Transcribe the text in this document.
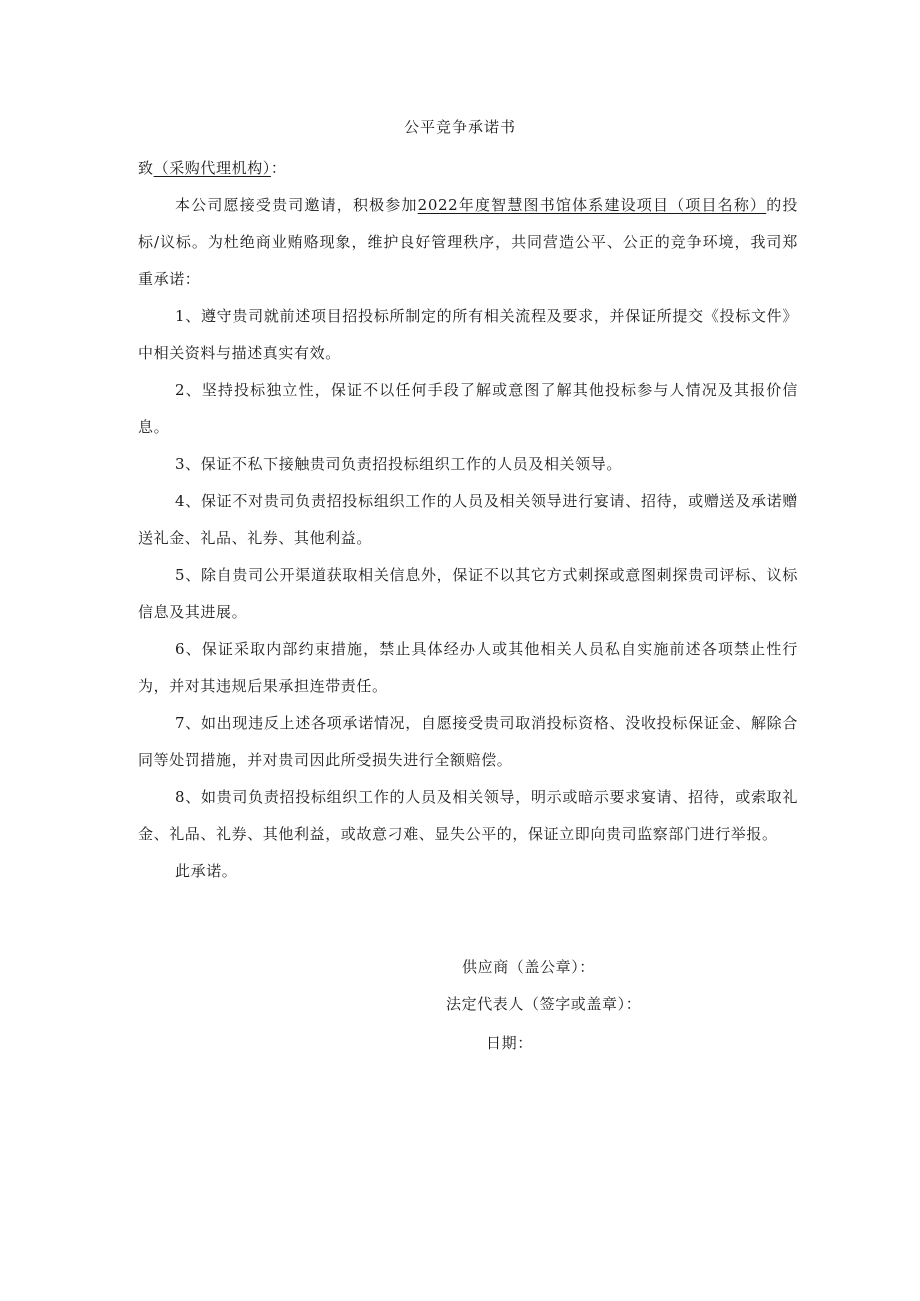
公平竞争承诺书

致（采购代理机构）：

本公司愿接受贵司邀请，积极参加2022年度智慧图书馆体系建设项目（项目名称）的投标/议标。为杜绝商业贿赂现象，维护良好管理秩序，共同营造公平、公正的竞争环境，我司郑重承诺：

1、遵守贵司就前述项目招投标所制定的所有相关流程及要求，并保证所提交《投标文件》中相关资料与描述真实有效。

2、坚持投标独立性，保证不以任何手段了解或意图了解其他投标参与人情况及其报价信息。

3、保证不私下接触贵司负责招投标组织工作的人员及相关领导。

4、保证不对贵司负责招投标组织工作的人员及相关领导进行宴请、招待，或赠送及承诺赠送礼金、礼品、礼券、其他利益。

5、除自贵司公开渠道获取相关信息外，保证不以其它方式刺探或意图刺探贵司评标、议标信息及其进展。

6、保证采取内部约束措施，禁止具体经办人或其他相关人员私自实施前述各项禁止性行为，并对其违规后果承担连带责任。

7、如出现违反上述各项承诺情况，自愿接受贵司取消投标资格、没收投标保证金、解除合同等处罚措施，并对贵司因此所受损失进行全额赔偿。

8、如贵司负责招投标组织工作的人员及相关领导，明示或暗示要求宴请、招待，或索取礼金、礼品、礼券、其他利益，或故意刁难、显失公平的，保证立即向贵司监察部门进行举报。

此承诺。

供应商（盖公章）：
法定代表人（签字或盖章）：
日期：
